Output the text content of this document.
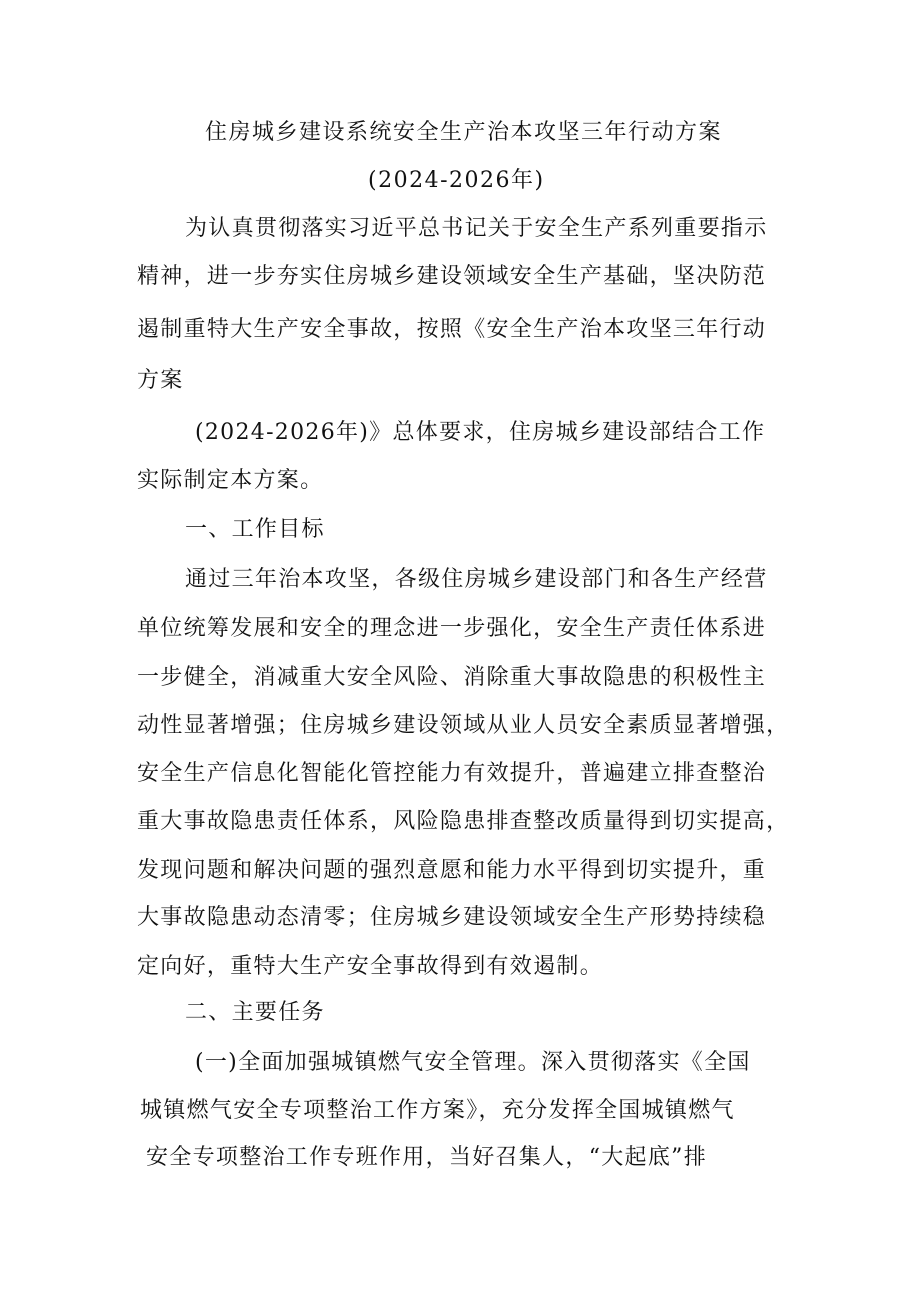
住房城乡建设系统安全生产治本攻坚三年行动方案
(2024-2026年)
为认真贯彻落实习近平总书记关于安全生产系列重要指示
精神，进一步夯实住房城乡建设领域安全生产基础，坚决防范
遏制重特大生产安全事故，按照《安全生产治本攻坚三年行动
方案
(2024-2026年)》总体要求，住房城乡建设部结合工作
实际制定本方案。
一、工作目标
通过三年治本攻坚，各级住房城乡建设部门和各生产经营
单位统筹发展和安全的理念进一步强化，安全生产责任体系进
一步健全，消减重大安全风险、消除重大事故隐患的积极性主
动性显著增强；住房城乡建设领域从业人员安全素质显著增强，
安全生产信息化智能化管控能力有效提升，普遍建立排查整治
重大事故隐患责任体系，风险隐患排查整改质量得到切实提高，
发现问题和解决问题的强烈意愿和能力水平得到切实提升，重
大事故隐患动态清零；住房城乡建设领域安全生产形势持续稳
定向好，重特大生产安全事故得到有效遏制。
二、主要任务
(一)全面加强城镇燃气安全管理。深入贯彻落实《全国
城镇燃气安全专项整治工作方案》，充分发挥全国城镇燃气
安全专项整治工作专班作用，当好召集人，“大起底”排
